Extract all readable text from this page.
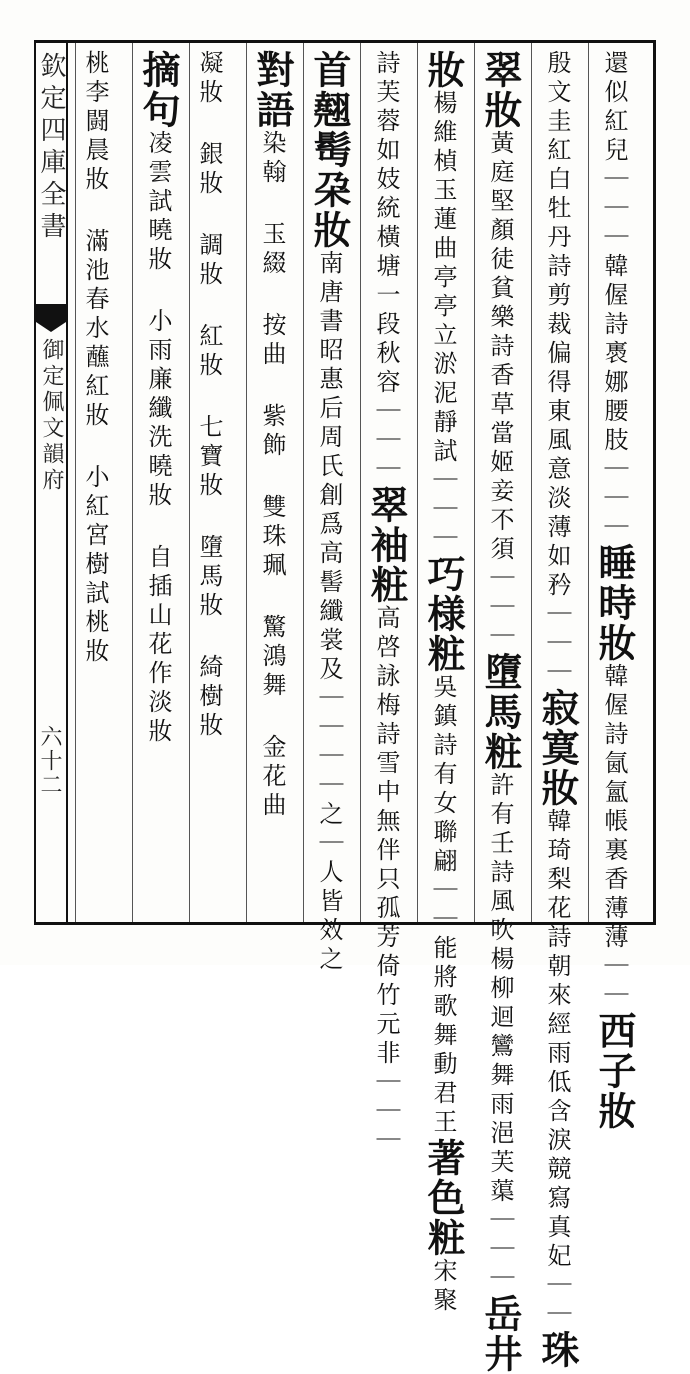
欽定四庫全書
御定佩文韻府
六十二
還似紅兒｜｜｜韓偓詩褭娜腰肢｜｜｜睡時妝韓偓詩氤氳帳裏香薄薄｜｜西子妝
殷文圭紅白牡丹詩剪裁偏得東風意淡薄如矜｜｜｜寂寞妝韓琦梨花詩朝來經雨低含淚競寫真妃｜｜珠
翠妝黃庭堅顏徒貧樂詩香草當姬妾不須｜｜｜墮馬粧許有壬詩風吹楊柳迴鸞舞雨浥芙蕖｜｜｜岳井
妝楊維楨玉蓮曲亭亭立淤泥靜試｜｜｜巧様粧吳鎮詩有女聯翩｜｜能將歌舞動君王著色粧宋聚
詩芙蓉如妓統橫塘一段秋容｜｜｜翠袖粧高啓詠梅詩雪中無伴只孤芳倚竹元非｜｜｜
首翹髩朶妝南唐書昭惠后周氏創爲高髻纖裳及｜｜｜｜之｜人皆效之
對語染翰 玉綴 按曲 紫飾 雙珠珮 驚鴻舞 金花曲
凝妝 銀妝 調妝 紅妝 七寶妝 墮馬妝 綺樹妝
摘句凌雲試曉妝 小雨廉纖洗曉妝 自插山花作淡妝
桃李闘晨妝 滿池春水蘸紅妝 小紅宮樹試桃妝
